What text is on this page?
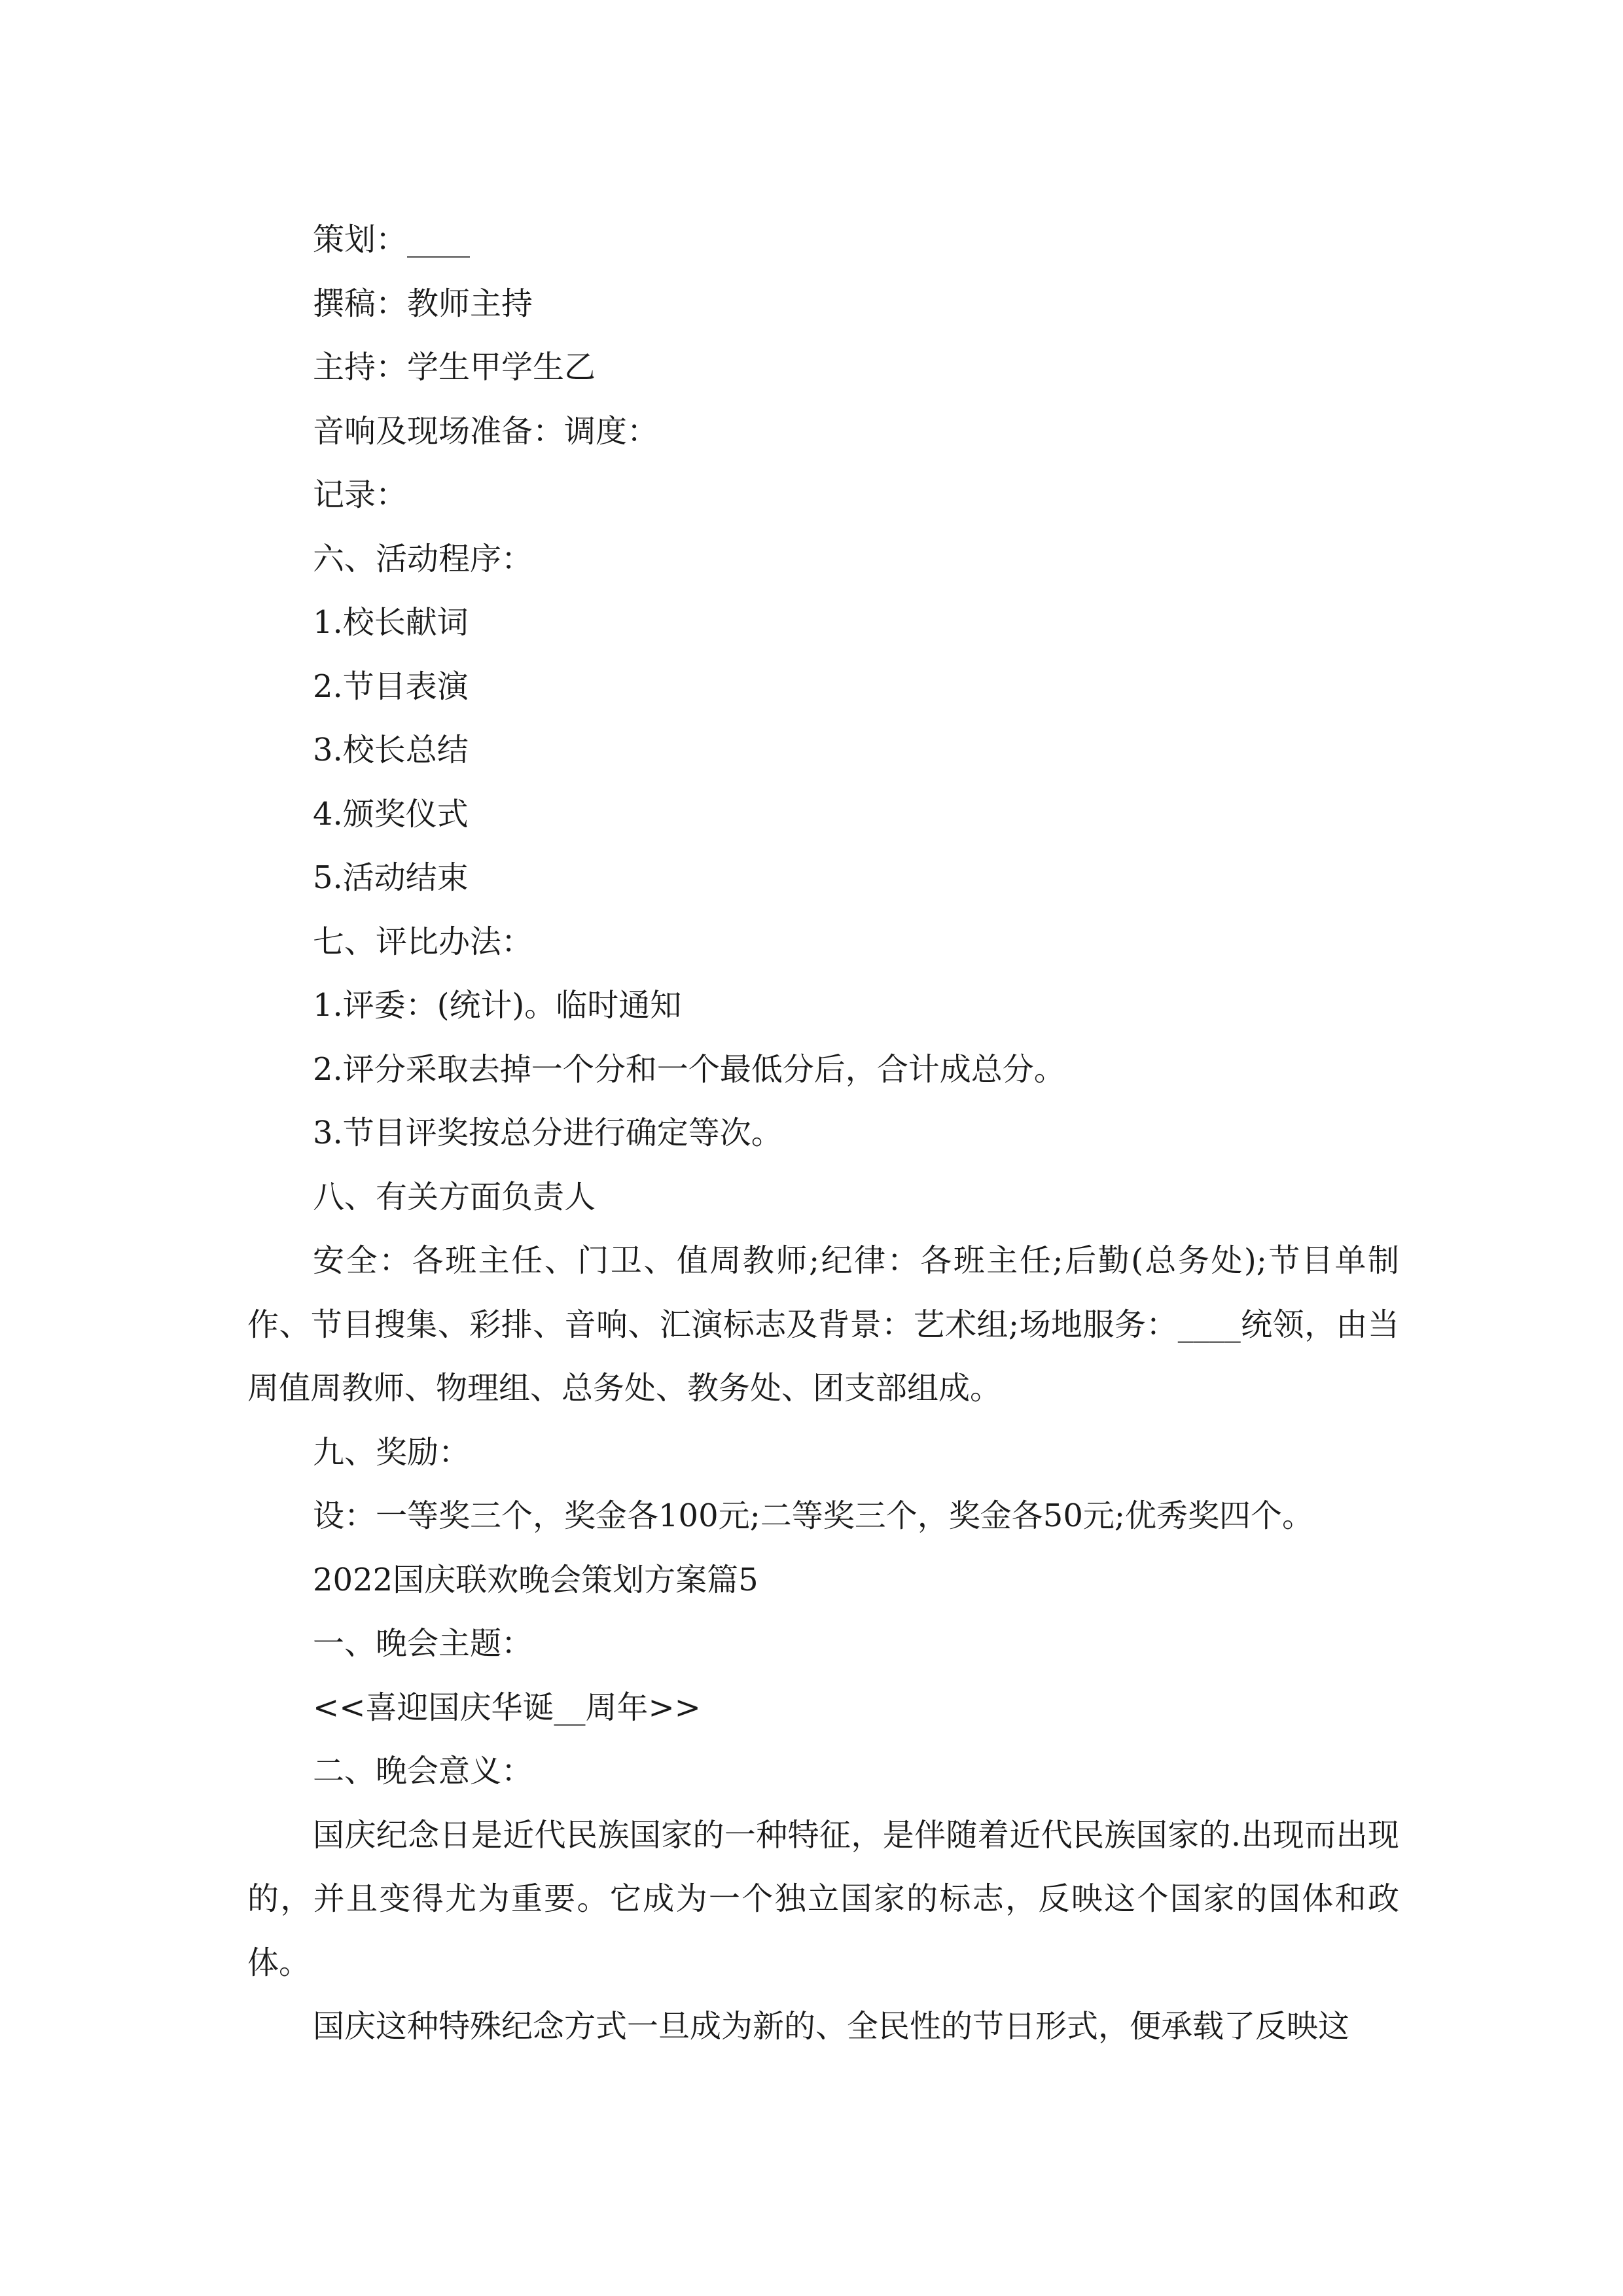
策划：____

撰稿：教师主持

主持：学生甲学生乙

音响及现场准备：调度：

记录：

六、活动程序：

1.校长献词

2.节目表演

3.校长总结

4.颁奖仪式

5.活动结束

七、评比办法：

1.评委：(统计)。临时通知

2.评分采取去掉一个分和一个最低分后，合计成总分。

3.节目评奖按总分进行确定等次。

八、有关方面负责人

安全：各班主任、门卫、值周教师;纪律：各班主任;后勤(总务处);节目单制作、节目搜集、彩排、音响、汇演标志及背景：艺术组;场地服务：____统领，由当周值周教师、物理组、总务处、教务处、团支部组成。

九、奖励：

设：一等奖三个，奖金各100元;二等奖三个，奖金各50元;优秀奖四个。

2022国庆联欢晚会策划方案篇5

一、晚会主题：

<<喜迎国庆华诞__周年>>

二、晚会意义：

国庆纪念日是近代民族国家的一种特征，是伴随着近代民族国家的.出现而出现的，并且变得尤为重要。它成为一个独立国家的标志，反映这个国家的国体和政体。

国庆这种特殊纪念方式一旦成为新的、全民性的节日形式，便承载了反映这
